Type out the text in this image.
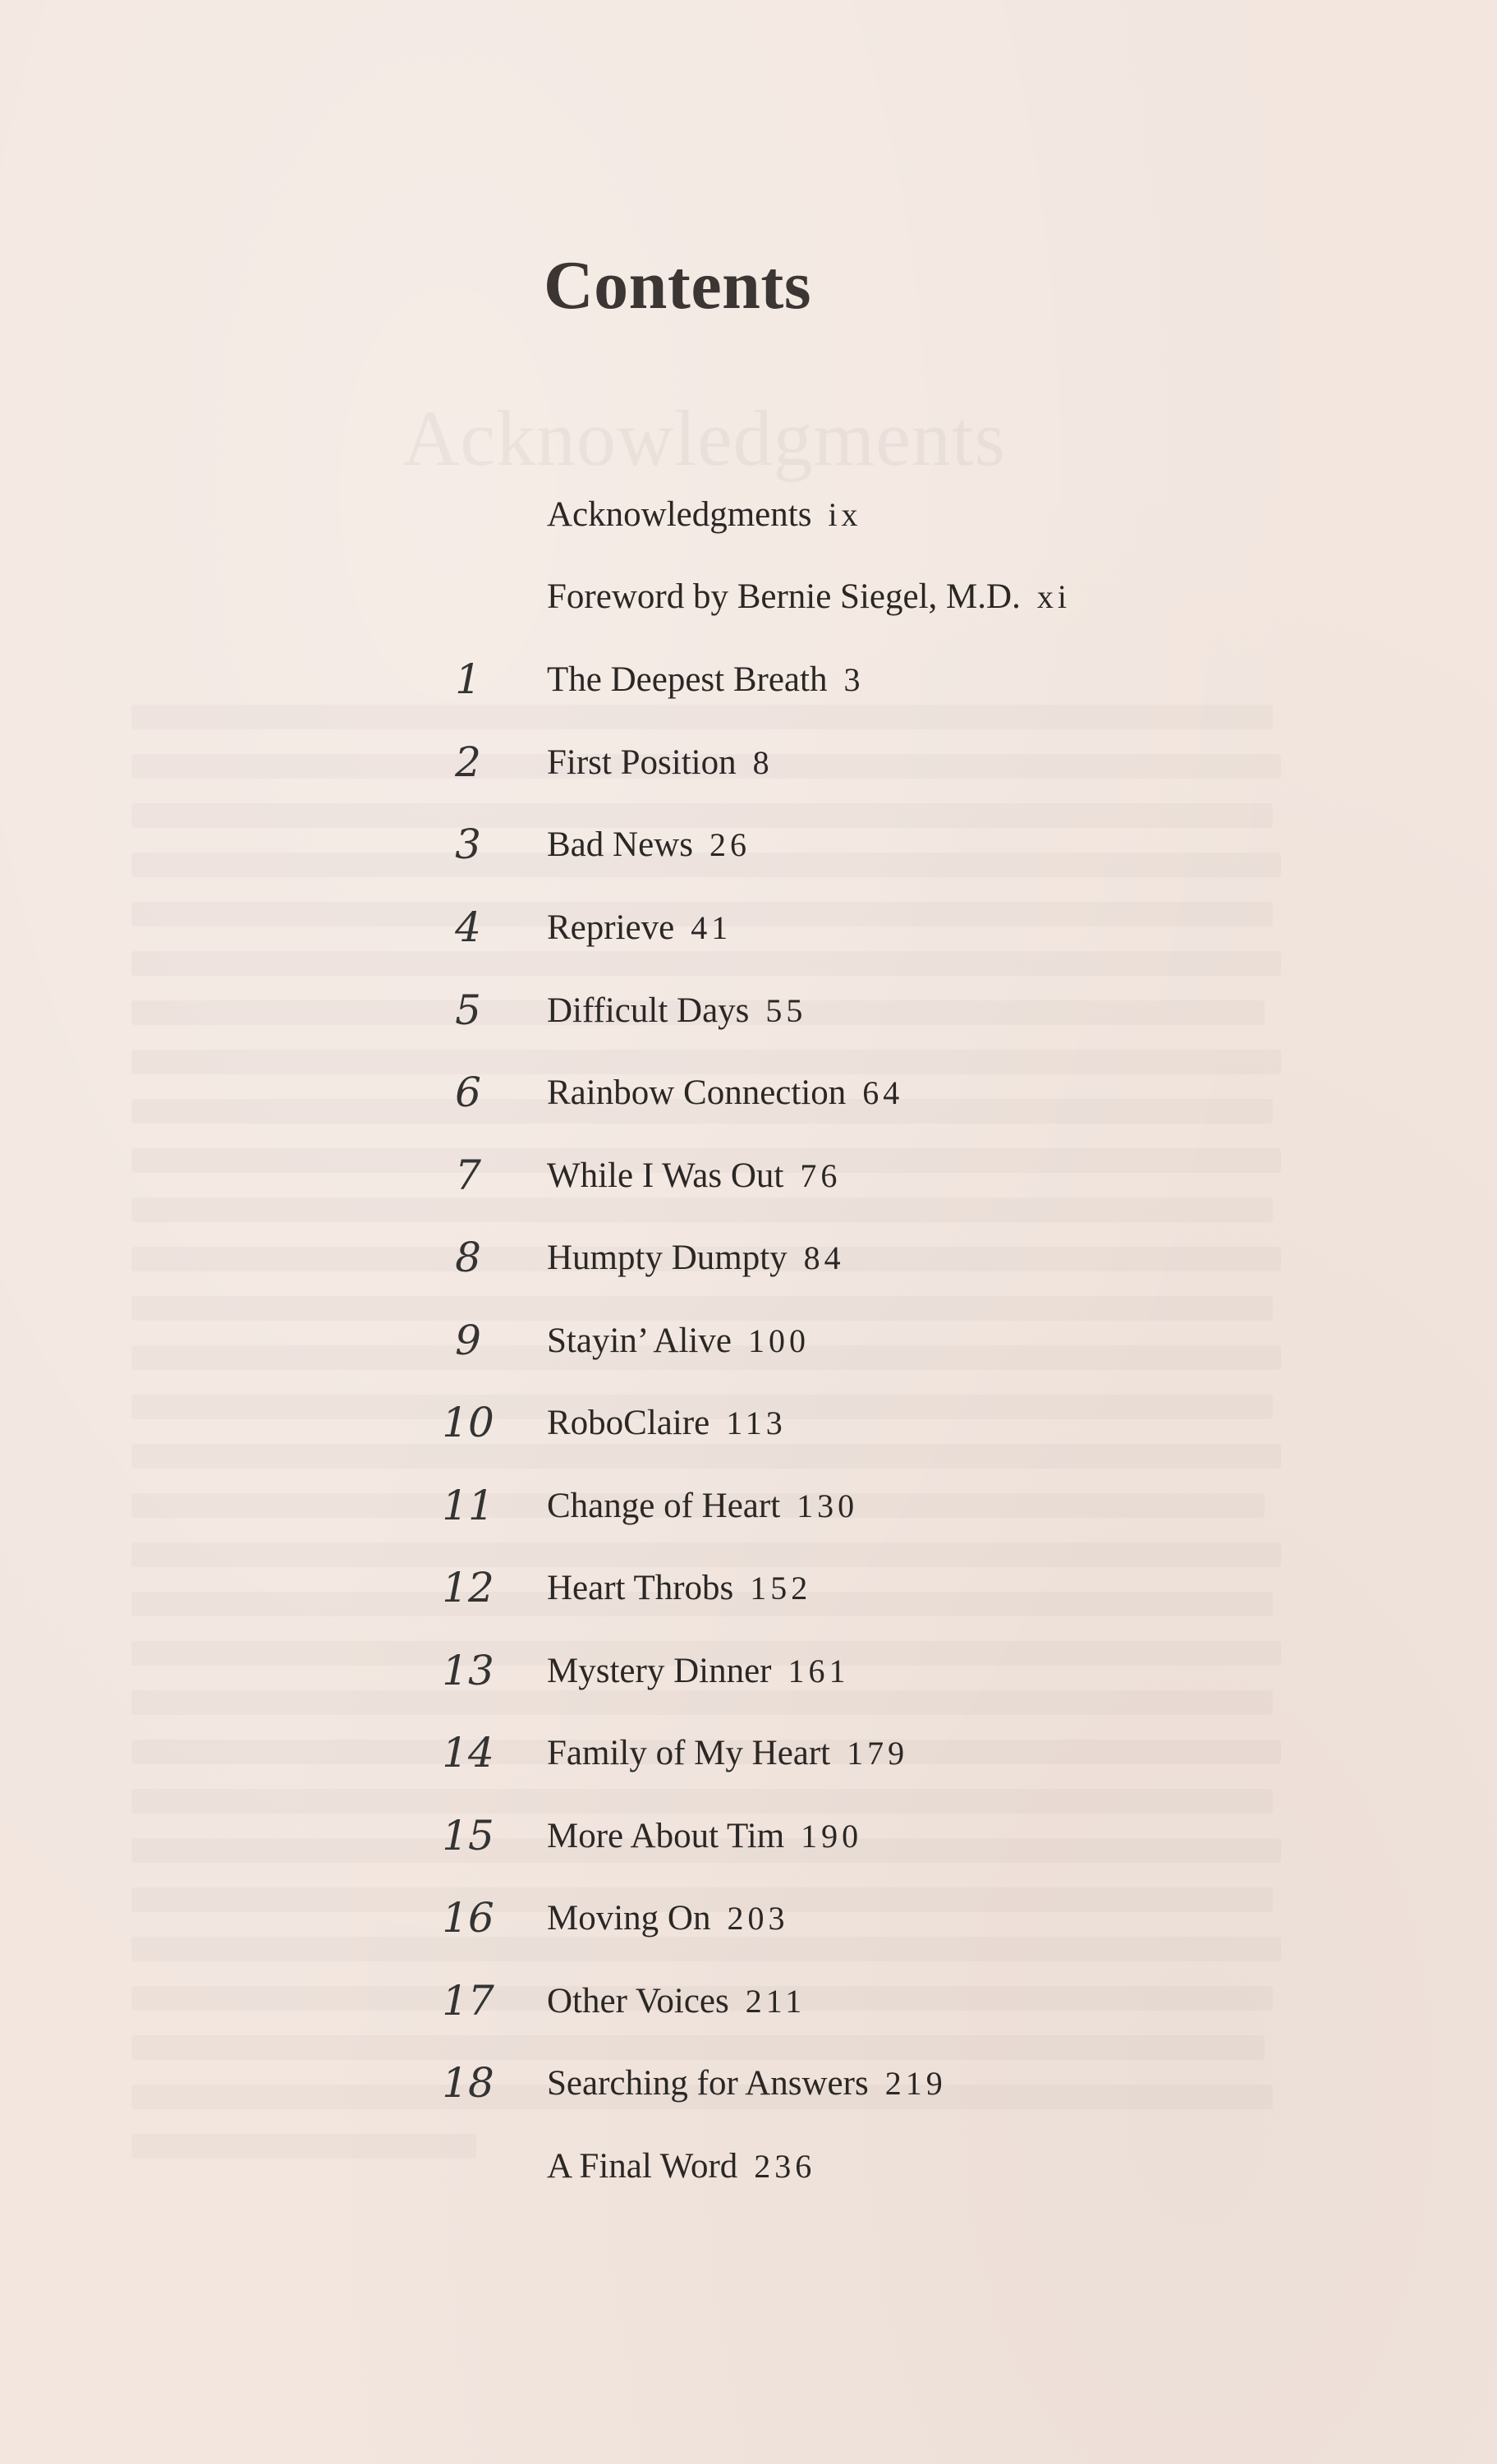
Acknowledgments
Contents
Acknowledgments ix
Foreword by Bernie Siegel, M.D. xi
1	The Deepest Breath 3
2	First Position 8
3	Bad News 26
4	Reprieve 41
5	Difficult Days 55
6	Rainbow Connection 64
7	While I Was Out 76
8	Humpty Dumpty 84
9	Stayin’ Alive 100
10	RoboClaire 113
11	Change of Heart 130
12	Heart Throbs 152
13	Mystery Dinner 161
14	Family of My Heart 179
15	More About Tim 190
16	Moving On 203
17	Other Voices 211
18	Searching for Answers 219
A Final Word 236
